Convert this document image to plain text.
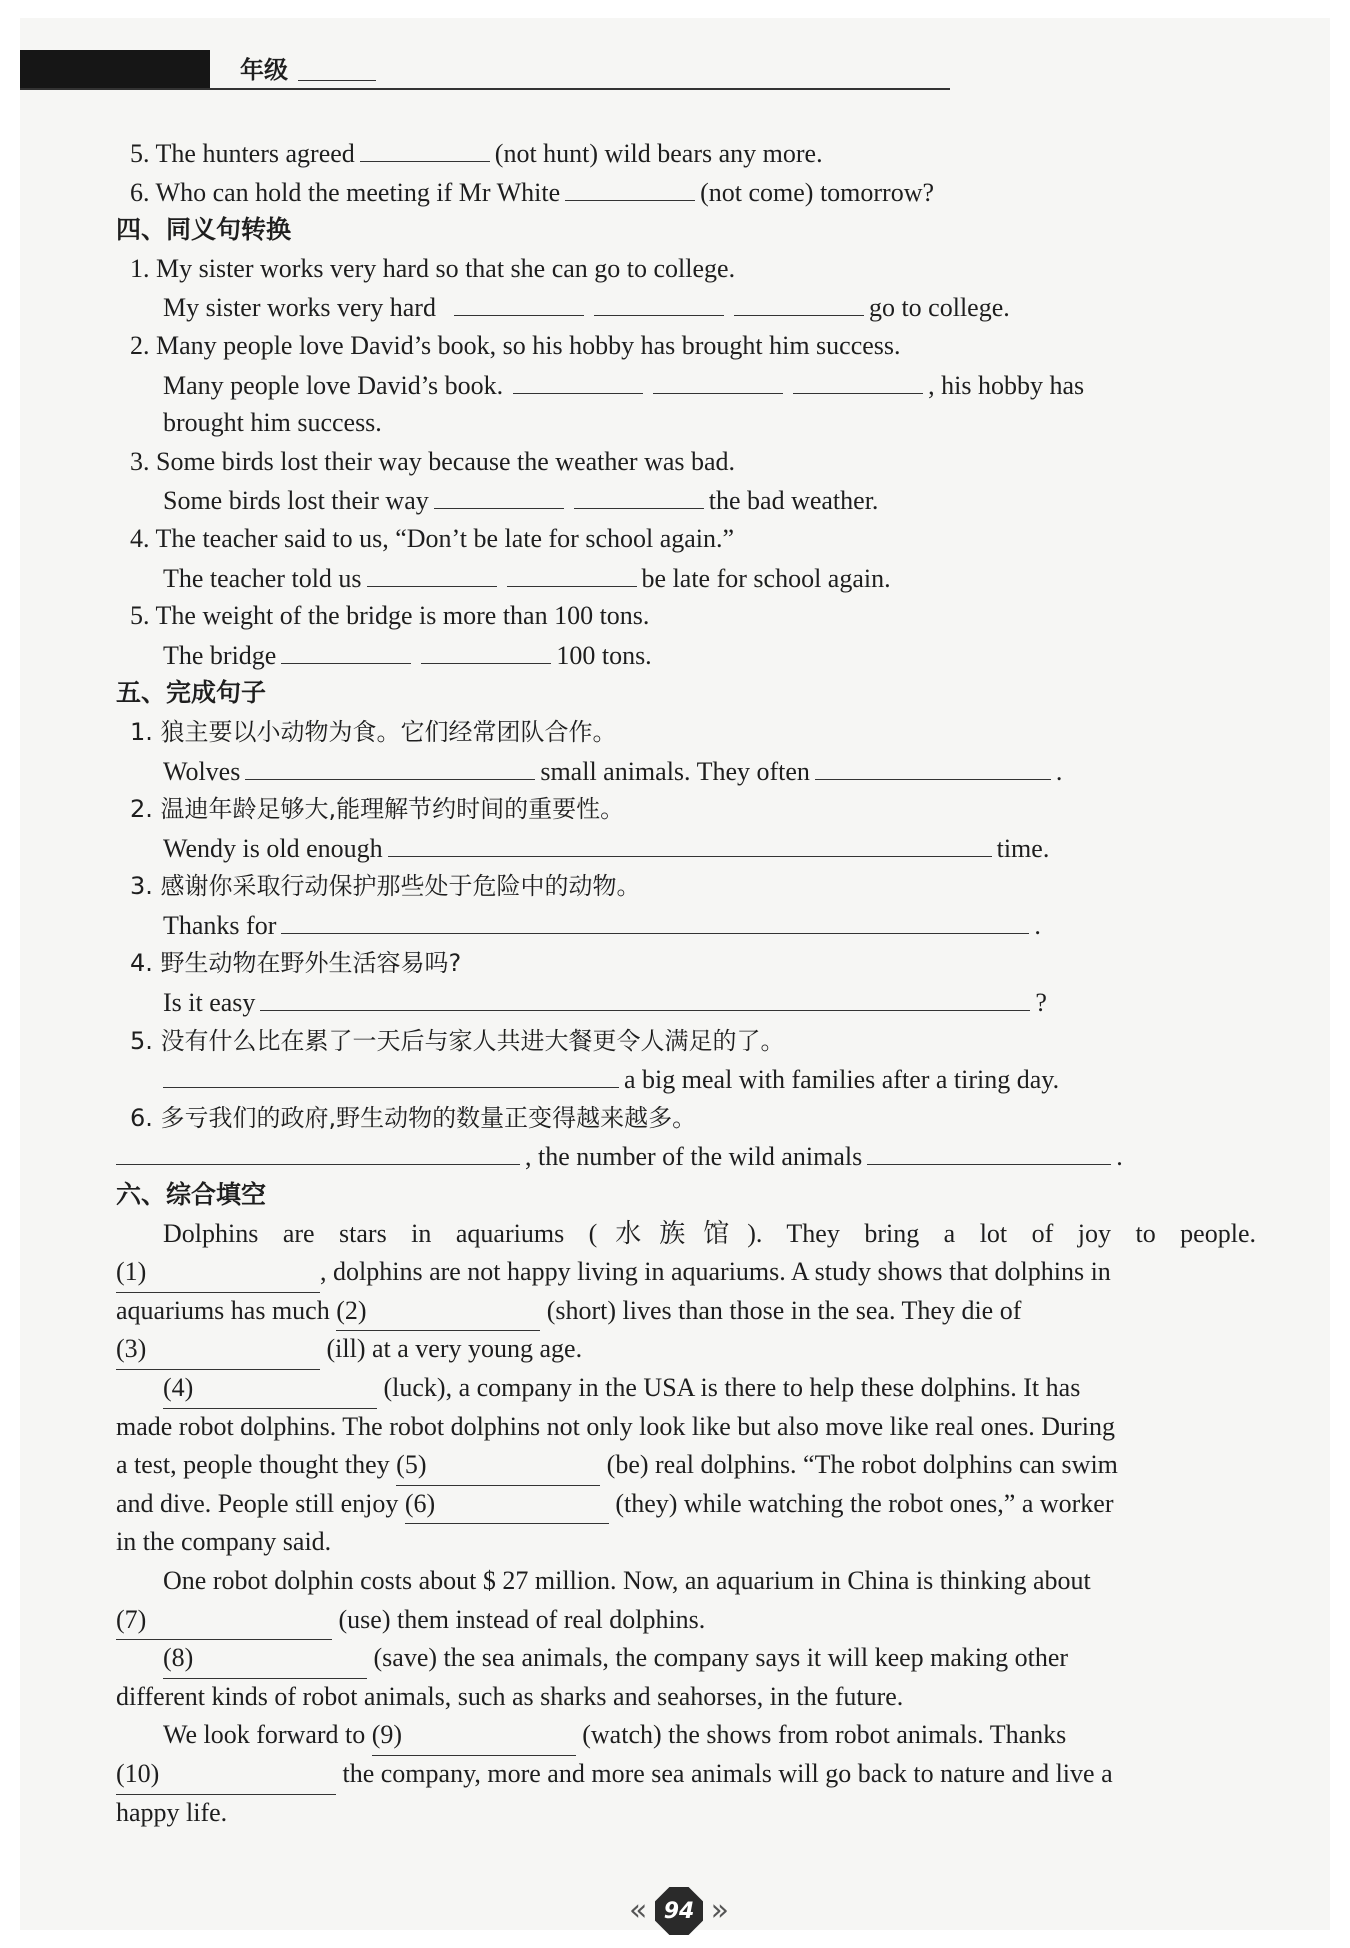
年级
5. The hunters agreed	(not hunt) wild bears any more.
6. Who can hold the meeting if Mr White	(not come) tomorrow?
四、同义句转换
1. My sister works very hard so that she can go to college.
My sister works very hard	go to college.
2. Many people love David’s book, so his hobby has brought him success.
Many people love David’s book.	, his hobby has
brought him success.
3. Some birds lost their way because the weather was bad.
Some birds lost their way	the bad weather.
4. The teacher said to us, “Don’t be late for school again.”
The teacher told us	be late for school again.
5. The weight of the bridge is more than 100 tons.
The bridge	100 tons.
五、完成句子
1. 狼主要以小动物为食。它们经常团队合作。
Wolves	small animals. They often	.
2. 温迪年龄足够大,能理解节约时间的重要性。
Wendy is old enough	time.
3. 感谢你采取行动保护那些处于危险中的动物。
Thanks for	.
4. 野生动物在野外生活容易吗?
Is it easy	?
5. 没有什么比在累了一天后与家人共进大餐更令人满足的了。
a big meal with families after a tiring day.
6. 多亏我们的政府,野生动物的数量正变得越来越多。
, the number of the wild animals	.
六、综合填空
Dolphins are stars in aquariums (水族馆). They bring a lot of joy to people.
(1)	, dolphins are not happy living in aquariums. A study shows that dolphins in
aquariums has much (2)	(short) lives than those in the sea. They die of
(3)	(ill) at a very young age.
(4)	(luck), a company in the USA is there to help these dolphins. It has
made robot dolphins. The robot dolphins not only look like but also move like real ones. During
a test, people thought they (5)	(be) real dolphins. “The robot dolphins can swim
and dive. People still enjoy (6)	(they) while watching the robot ones,” a worker
in the company said.
One robot dolphin costs about $ 27 million. Now, an aquarium in China is thinking about
(7)	(use) them instead of real dolphins.
(8)	(save) the sea animals, the company says it will keep making other
different kinds of robot animals, such as sharks and seahorses, in the future.
We look forward to (9)	(watch) the shows from robot animals. Thanks
(10)	the company, more and more sea animals will go back to nature and live a
happy life.
« 94 »
